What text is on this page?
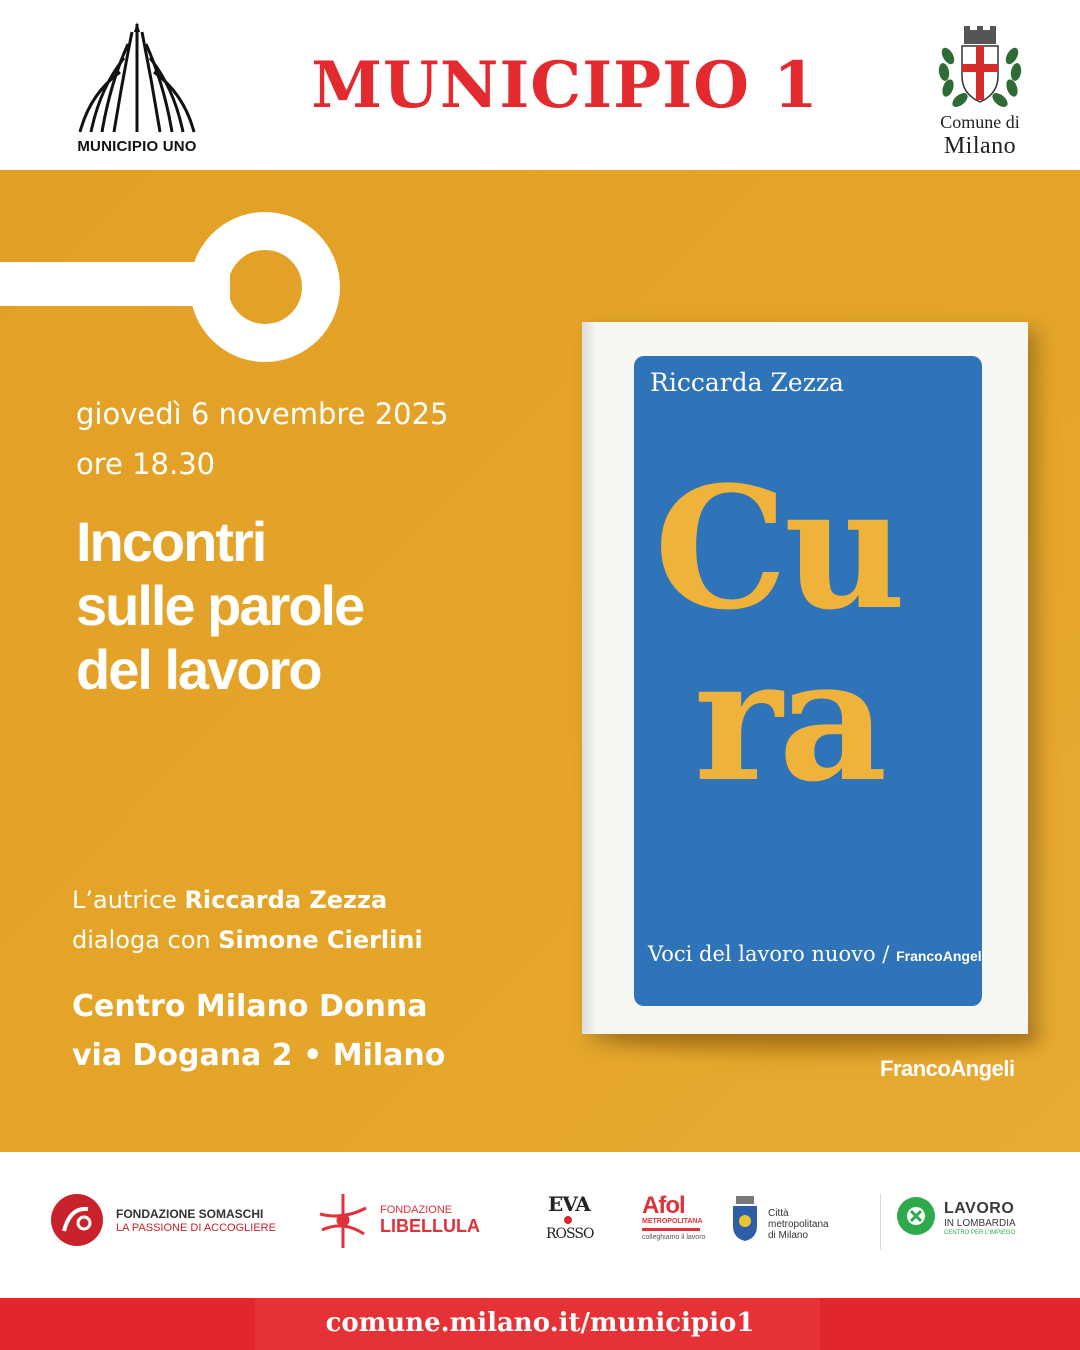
MUNICIPIO UNO
MUNICIPIO 1	Comune di
Milano
giovedì 6 novembre 2025
ore 18.30
Incontri
sulle parole
del lavoro
L’autrice Riccarda Zezza
dialoga con Simone Cierlini
Centro Milano Donna
via Dogana 2 • Milano
Riccarda Zezza
Cu
ra
Voci del lavoro nuovo / FrancoAngeli
FrancoAngeli
FONDAZIONE SOMASCHI
LA PASSIONE DI ACCOGLIERE
FONDAZIONE
LIBELLULA
EVA
ROSSO
Afol
METROPOLITANA
colleghiamo il lavoro
Città
metropolitana
di Milano
LAVORO
IN LOMBARDIA
CENTRO PER L'IMPIEGO
comune.milano.it/municipio1
